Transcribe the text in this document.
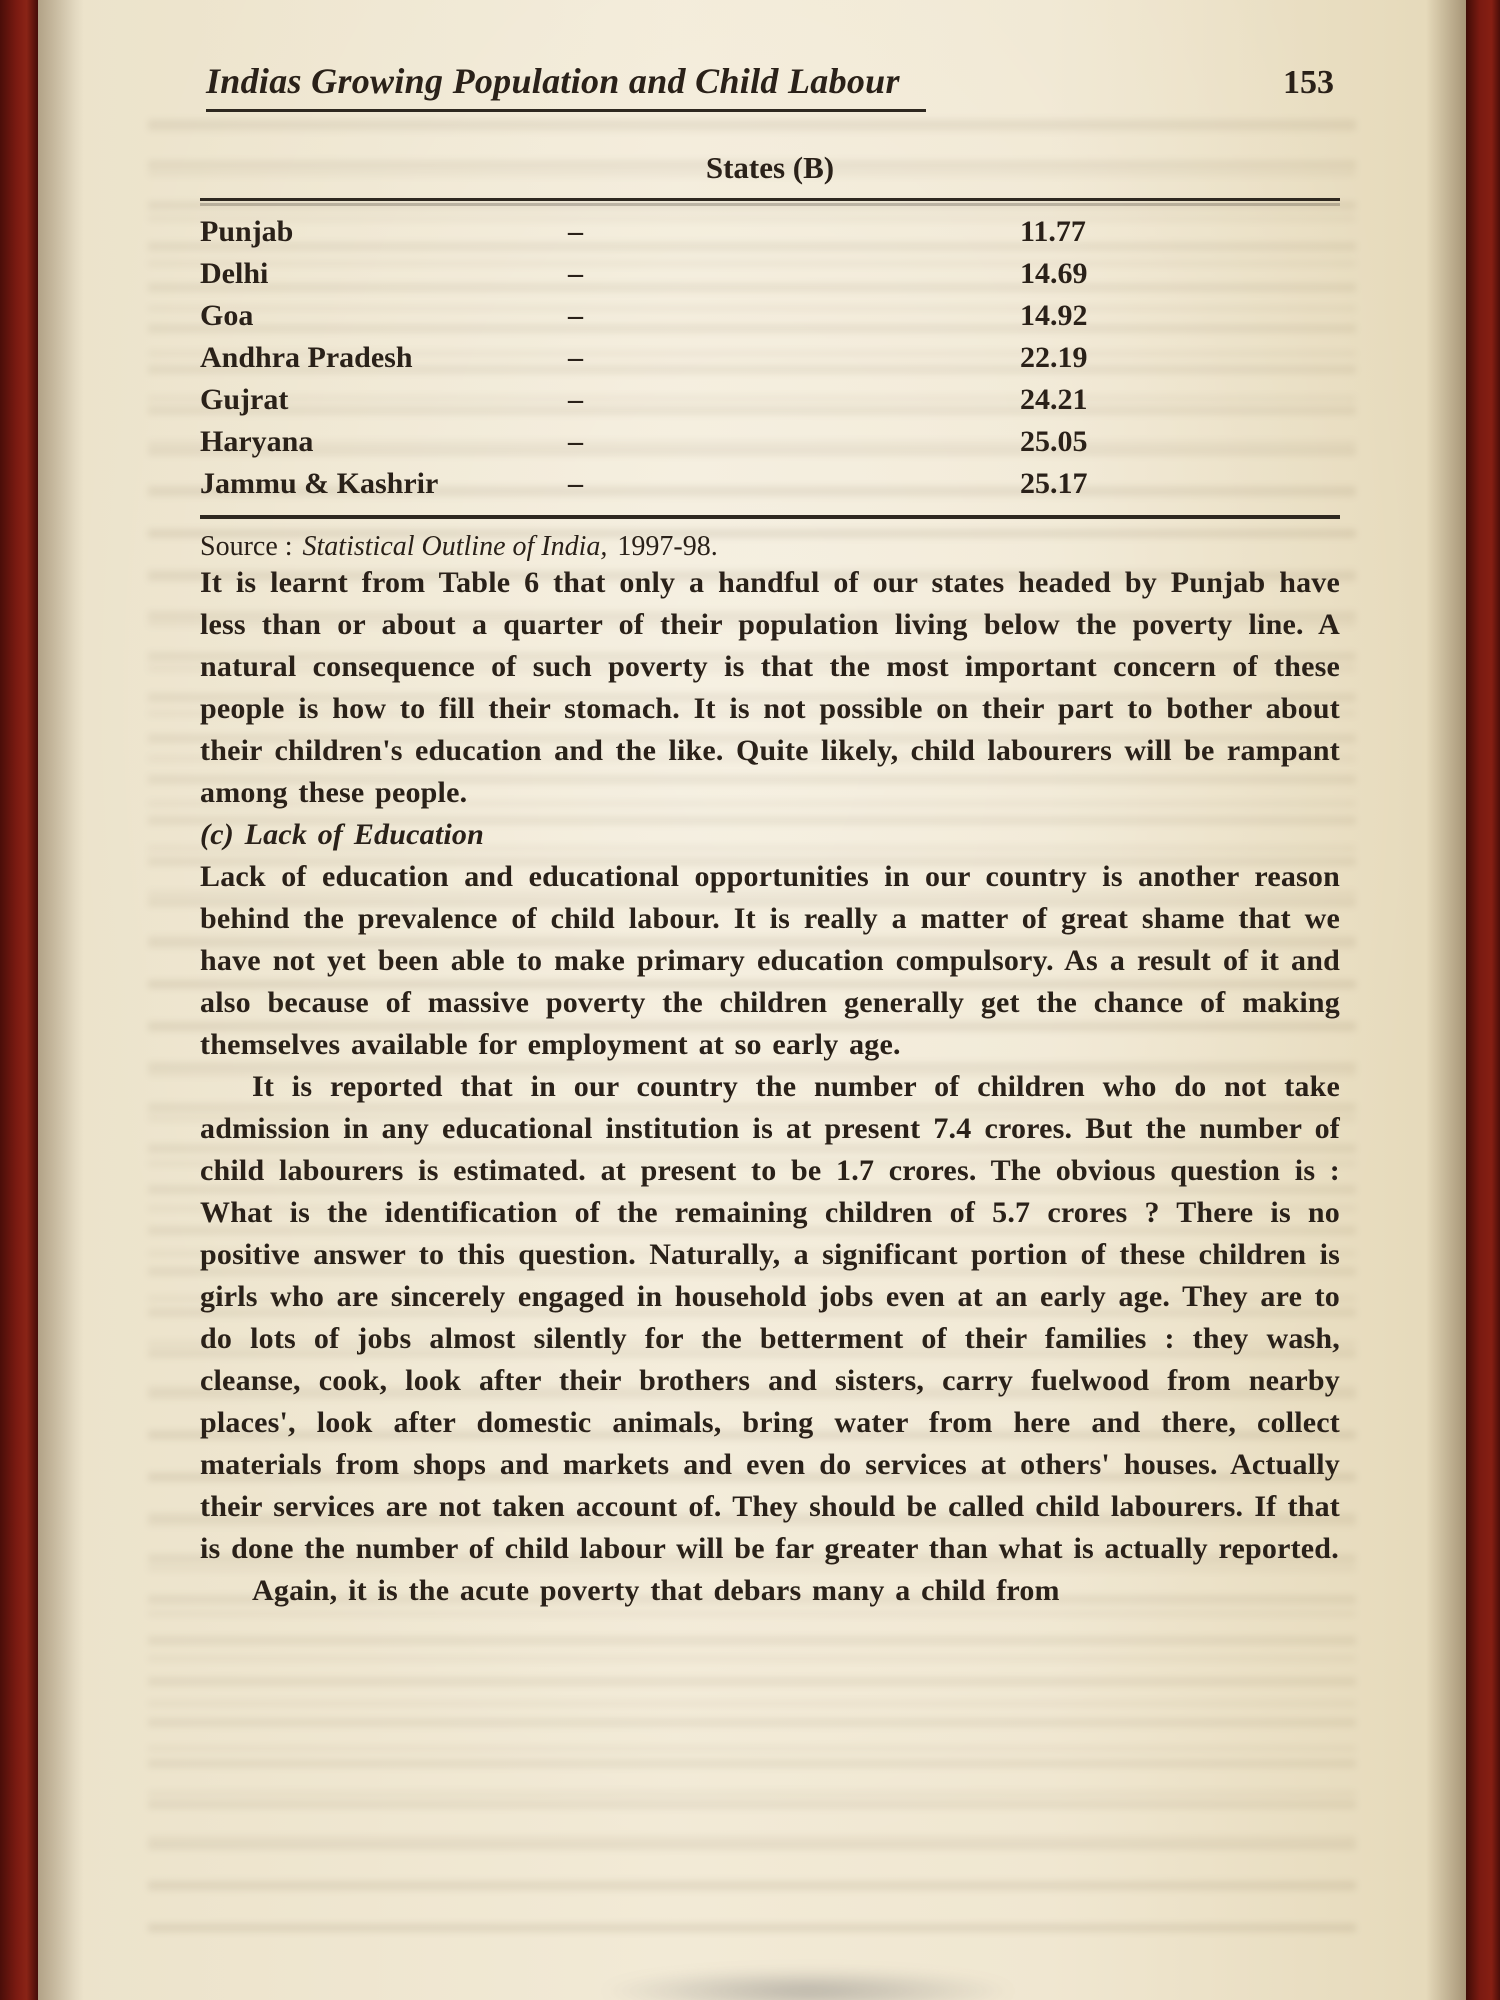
Indias Growing Population and Child Labour	153
States (B)
Punjab	–	11.77
Delhi	–	14.69
Goa	–	14.92
Andhra Pradesh	–	22.19
Gujrat	–	24.21
Haryana	–	25.05
Jammu & Kashrir	–	25.17
Source : Statistical Outline of India, 1997-98.

It is learnt from Table 6 that only a handful of our states headed by Punjab have less than or about a quarter of their population living below the poverty line. A natural consequence of such poverty is that the most important concern of these people is how to fill their stomach. It is not possible on their part to bother about their children's education and the like. Quite likely, child labourers will be rampant among these people.

(c) Lack of Education

Lack of education and educational opportunities in our country is another reason behind the prevalence of child labour. It is really a matter of great shame that we have not yet been able to make primary education compulsory. As a result of it and also because of massive poverty the children generally get the chance of making themselves available for employment at so early age.

It is reported that in our country the number of children who do not take admission in any educational institution is at present 7.4 crores. But the number of child labourers is estimated. at present to be 1.7 crores. The obvious question is : What is the identification of the remaining children of 5.7 crores ? There is no positive answer to this question. Naturally, a significant portion of these children is girls who are sincerely engaged in household jobs even at an early age. They are to do lots of jobs almost silently for the betterment of their families : they wash, cleanse, cook, look after their brothers and sisters, carry fuelwood from nearby places', look after domestic animals, bring water from here and there, collect materials from shops and markets and even do services at others' houses. Actually their services are not taken account of. They should be called child labourers. If that is done the number of child labour will be far greater than what is actually reported.

Again, it is the acute poverty that debars many a child from
